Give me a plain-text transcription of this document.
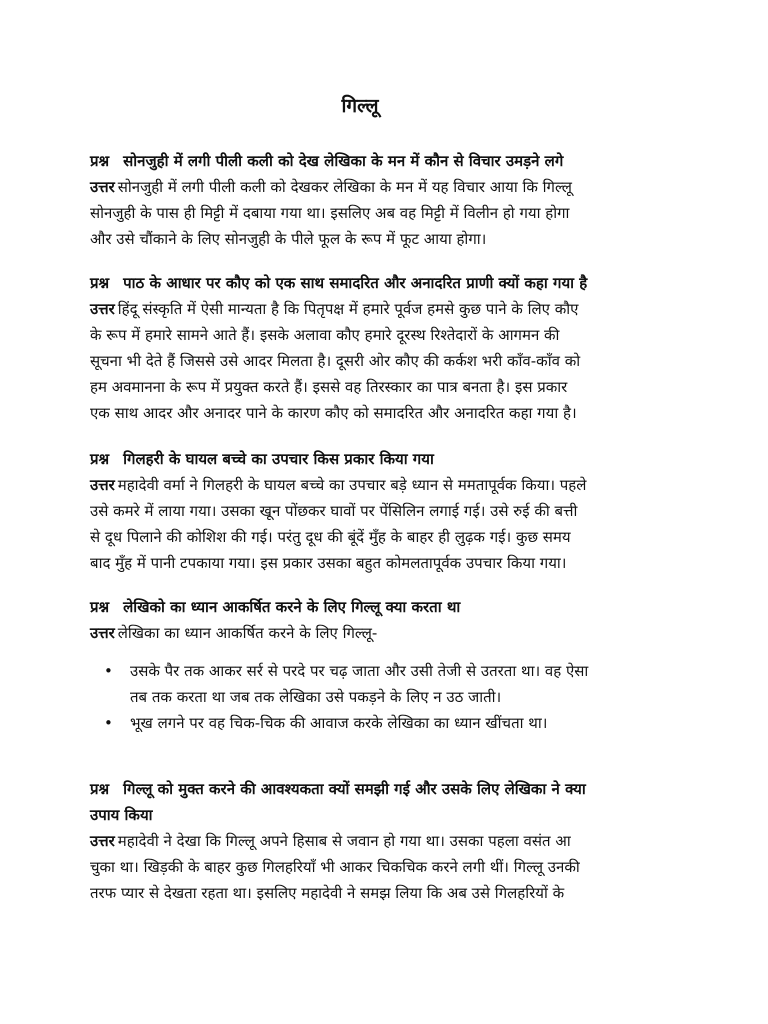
गिल्लू
प्रश्न सोनजुही में लगी पीली कली को देख लेखिका के मन में कौन से विचार उमड़ने लगे
उत्तर सोनजुही में लगी पीली कली को देखकर लेखिका के मन में यह विचार आया कि गिल्लू
सोनजुही के पास ही मिट्टी में दबाया गया था। इसलिए अब वह मिट्टी में विलीन हो गया होगा
और उसे चौंकाने के लिए सोनजुही के पीले फूल के रूप में फूट आया होगा।
प्रश्न पाठ के आधार पर कौए को एक साथ समादरित और अनादरित प्राणी क्यों कहा गया है
उत्तर हिंदू संस्कृति में ऐसी मान्यता है कि पितृपक्ष में हमारे पूर्वज हमसे कुछ पाने के लिए कौए
के रूप में हमारे सामने आते हैं। इसके अलावा कौए हमारे दूरस्थ रिश्तेदारों के आगमन की
सूचना भी देते हैं जिससे उसे आदर मिलता है। दूसरी ओर कौए की कर्कश भरी काँव-काँव को
हम अवमानना के रूप में प्रयुक्त करते हैं। इससे वह तिरस्कार का पात्र बनता है। इस प्रकार
एक साथ आदर और अनादर पाने के कारण कौए को समादरित और अनादरित कहा गया है।
प्रश्न गिलहरी के घायल बच्चे का उपचार किस प्रकार किया गया
उत्तर महादेवी वर्मा ने गिलहरी के घायल बच्चे का उपचार बड़े ध्यान से ममतापूर्वक किया। पहले
उसे कमरे में लाया गया। उसका खून पोंछकर घावों पर पेंसिलिन लगाई गई। उसे रुई की बत्ती
से दूध पिलाने की कोशिश की गई। परंतु दूध की बूंदें मुँह के बाहर ही लुढ़क गई। कुछ समय
बाद मुँह में पानी टपकाया गया। इस प्रकार उसका बहुत कोमलतापूर्वक उपचार किया गया।
प्रश्न लेखिको का ध्यान आकर्षित करने के लिए गिल्लू क्या करता था
उत्तर लेखिका का ध्यान आकर्षित करने के लिए गिल्लू-
• उसके पैर तक आकर सर्र से परदे पर चढ़ जाता और उसी तेजी से उतरता था। वह ऐसा
तब तक करता था जब तक लेखिका उसे पकड़ने के लिए न उठ जाती।
• भूख लगने पर वह चिक-चिक की आवाज करके लेखिका का ध्यान खींचता था।
प्रश्न गिल्लू को मुक्त करने की आवश्यकता क्यों समझी गई और उसके लिए लेखिका ने क्या
उपाय किया
उत्तर महादेवी ने देखा कि गिल्लू अपने हिसाब से जवान हो गया था। उसका पहला वसंत आ
चुका था। खिड़की के बाहर कुछ गिलहरियाँ भी आकर चिकचिक करने लगी थीं। गिल्लू उनकी
तरफ प्यार से देखता रहता था। इसलिए महादेवी ने समझ लिया कि अब उसे गिलहरियों के
